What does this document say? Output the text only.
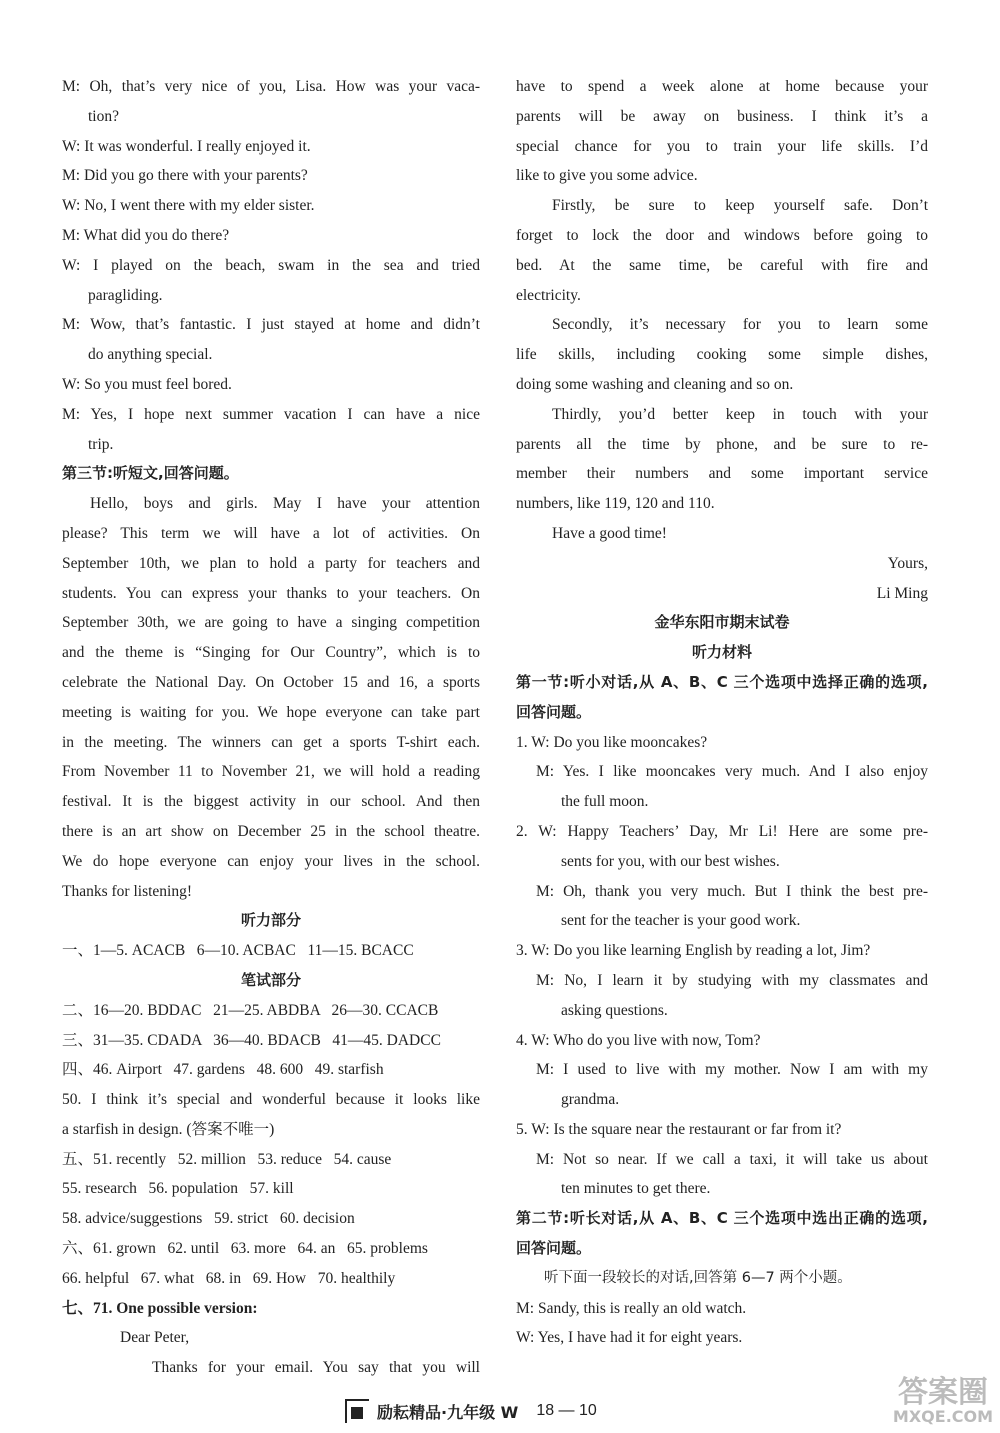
M: Oh, that’s very nice of you, Lisa. How was your vaca-
tion?
W: It was wonderful. I really enjoyed it.
M: Did you go there with your parents?
W: No, I went there with my elder sister.
M: What did you do there?
W: I played on the beach, swam in the sea and tried
paragliding.
M: Wow, that’s fantastic. I just stayed at home and didn’t
do anything special.
W: So you must feel bored.
M: Yes, I hope next summer vacation I can have a nice
trip.
第三节:听短文,回答问题。
Hello, boys and girls. May I have your attention
please? This term we will have a lot of activities. On
September 10th, we plan to hold a party for teachers and
students. You can express your thanks to your teachers. On
September 30th, we are going to have a singing competition
and the theme is “Singing for Our Country”, which is to
celebrate the National Day. On October 15 and 16, a sports
meeting is waiting for you. We hope everyone can take part
in the meeting. The winners can get a sports T-shirt each.
From November 11 to November 21, we will hold a reading
festival. It is the biggest activity in our school. And then
there is an art show on December 25 in the school theatre.
We do hope everyone can enjoy your lives in the school.
Thanks for listening!
听力部分
一、1—5. ACACB   6—10. ACBAC   11—15. BCACC
笔试部分
二、16—20. BDDAC   21—25. ABDBA   26—30. CCACB
三、31—35. CDADA   36—40. BDACB   41—45. DADCC
四、46. Airport   47. gardens   48. 600   49. starfish
50. I think it’s special and wonderful because it looks like
a starfish in design. (答案不唯一)
五、51. recently   52. million   53. reduce   54. cause
55. research   56. population   57. kill
58. advice/suggestions   59. strict   60. decision
六、61. grown   62. until   63. more   64. an   65. problems
66. helpful   67. what   68. in   69. How   70. healthily
七、71. One possible version:
Dear Peter,
Thanks for your email. You say that you will
have to spend a week alone at home because your
parents will be away on business. I think it’s a
special chance for you to train your life skills. I’d
like to give you some advice.
Firstly, be sure to keep yourself safe. Don’t
forget to lock the door and windows before going to
bed. At the same time, be careful with fire and
electricity.
Secondly, it’s necessary for you to learn some
life skills, including cooking some simple dishes,
doing some washing and cleaning and so on.
Thirdly, you’d better keep in touch with your
parents all the time by phone, and be sure to re-
member their numbers and some important service
numbers, like 119, 120 and 110.
Have a good time!
Yours,
Li Ming
金华东阳市期末试卷
听力材料
第一节:听小对话,从 A、B、C 三个选项中选择正确的选项,
回答问题。
1. W: Do you like mooncakes?
M: Yes. I like mooncakes very much. And I also enjoy
the full moon.
2. W: Happy Teachers’ Day, Mr Li! Here are some pre-
sents for you, with our best wishes.
M: Oh, thank you very much. But I think the best pre-
sent for the teacher is your good work.
3. W: Do you like learning English by reading a lot, Jim?
M: No, I learn it by studying with my classmates and
asking questions.
4. W: Who do you live with now, Tom?
M: I used to live with my mother. Now I am with my
grandma.
5. W: Is the square near the restaurant or far from it?
M: Not so near. If we call a taxi, it will take us about
ten minutes to get there.
第二节:听长对话,从 A、B、C 三个选项中选出正确的选项,
回答问题。
听下面一段较长的对话,回答第 6—7 两个小题。
M: Sandy, this is really an old watch.
W: Yes, I have had it for eight years.
励耘精品·九年级 W 18 — 10
答案圈
MXQE.COM
